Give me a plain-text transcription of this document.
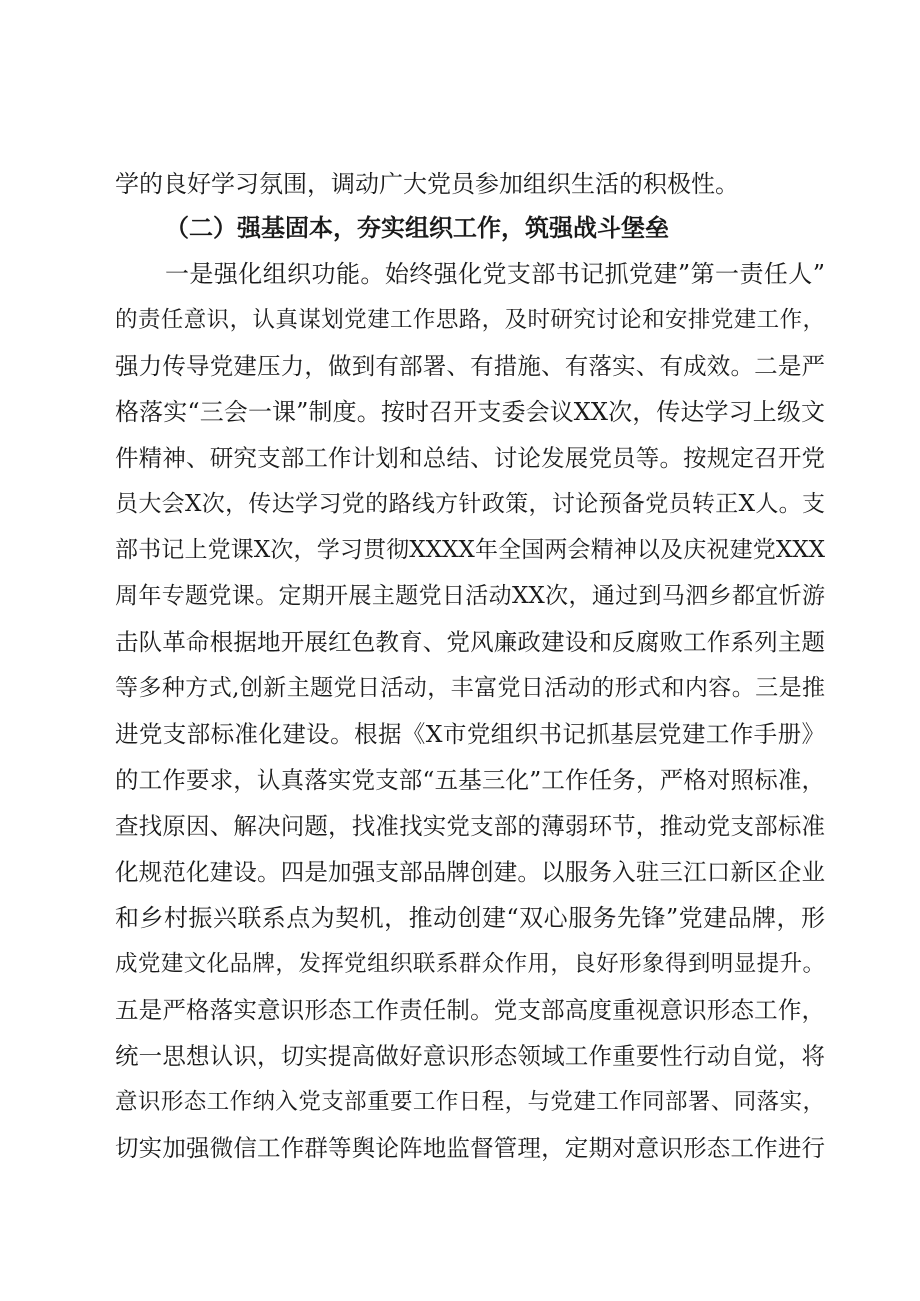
学的良好学习氛围，调动广大党员参加组织生活的积极性。
（二）强基固本，夯实组织工作，筑强战斗堡垒
一是强化组织功能。始终强化党支部书记抓党建”第一责任人”
的责任意识，认真谋划党建工作思路，及时研究讨论和安排党建工作，
强力传导党建压力，做到有部署、有措施、有落实、有成效。二是严
格落实“三会一课”制度。按时召开支委会议XX次，传达学习上级文
件精神、研究支部工作计划和总结、讨论发展党员等。按规定召开党
员大会X次，传达学习党的路线方针政策，讨论预备党员转正X人。支
部书记上党课X次，学习贯彻XXXX年全国两会精神以及庆祝建党XXX
周年专题党课。定期开展主题党日活动XX次，通过到马泗乡都宜忻游
击队革命根据地开展红色教育、党风廉政建设和反腐败工作系列主题
等多种方式,创新主题党日活动，丰富党日活动的形式和内容。三是推
进党支部标准化建设。根据《X市党组织书记抓基层党建工作手册》
的工作要求，认真落实党支部“五基三化”工作任务，严格对照标准，
查找原因、解决问题，找准找实党支部的薄弱环节，推动党支部标准
化规范化建设。四是加强支部品牌创建。以服务入驻三江口新区企业
和乡村振兴联系点为契机，推动创建“双心服务先锋”党建品牌，形
成党建文化品牌，发挥党组织联系群众作用，良好形象得到明显提升。
五是严格落实意识形态工作责任制。党支部高度重视意识形态工作，
统一思想认识，切实提高做好意识形态领域工作重要性行动自觉，将
意识形态工作纳入党支部重要工作日程，与党建工作同部署、同落实，
切实加强微信工作群等舆论阵地监督管理，定期对意识形态工作进行
